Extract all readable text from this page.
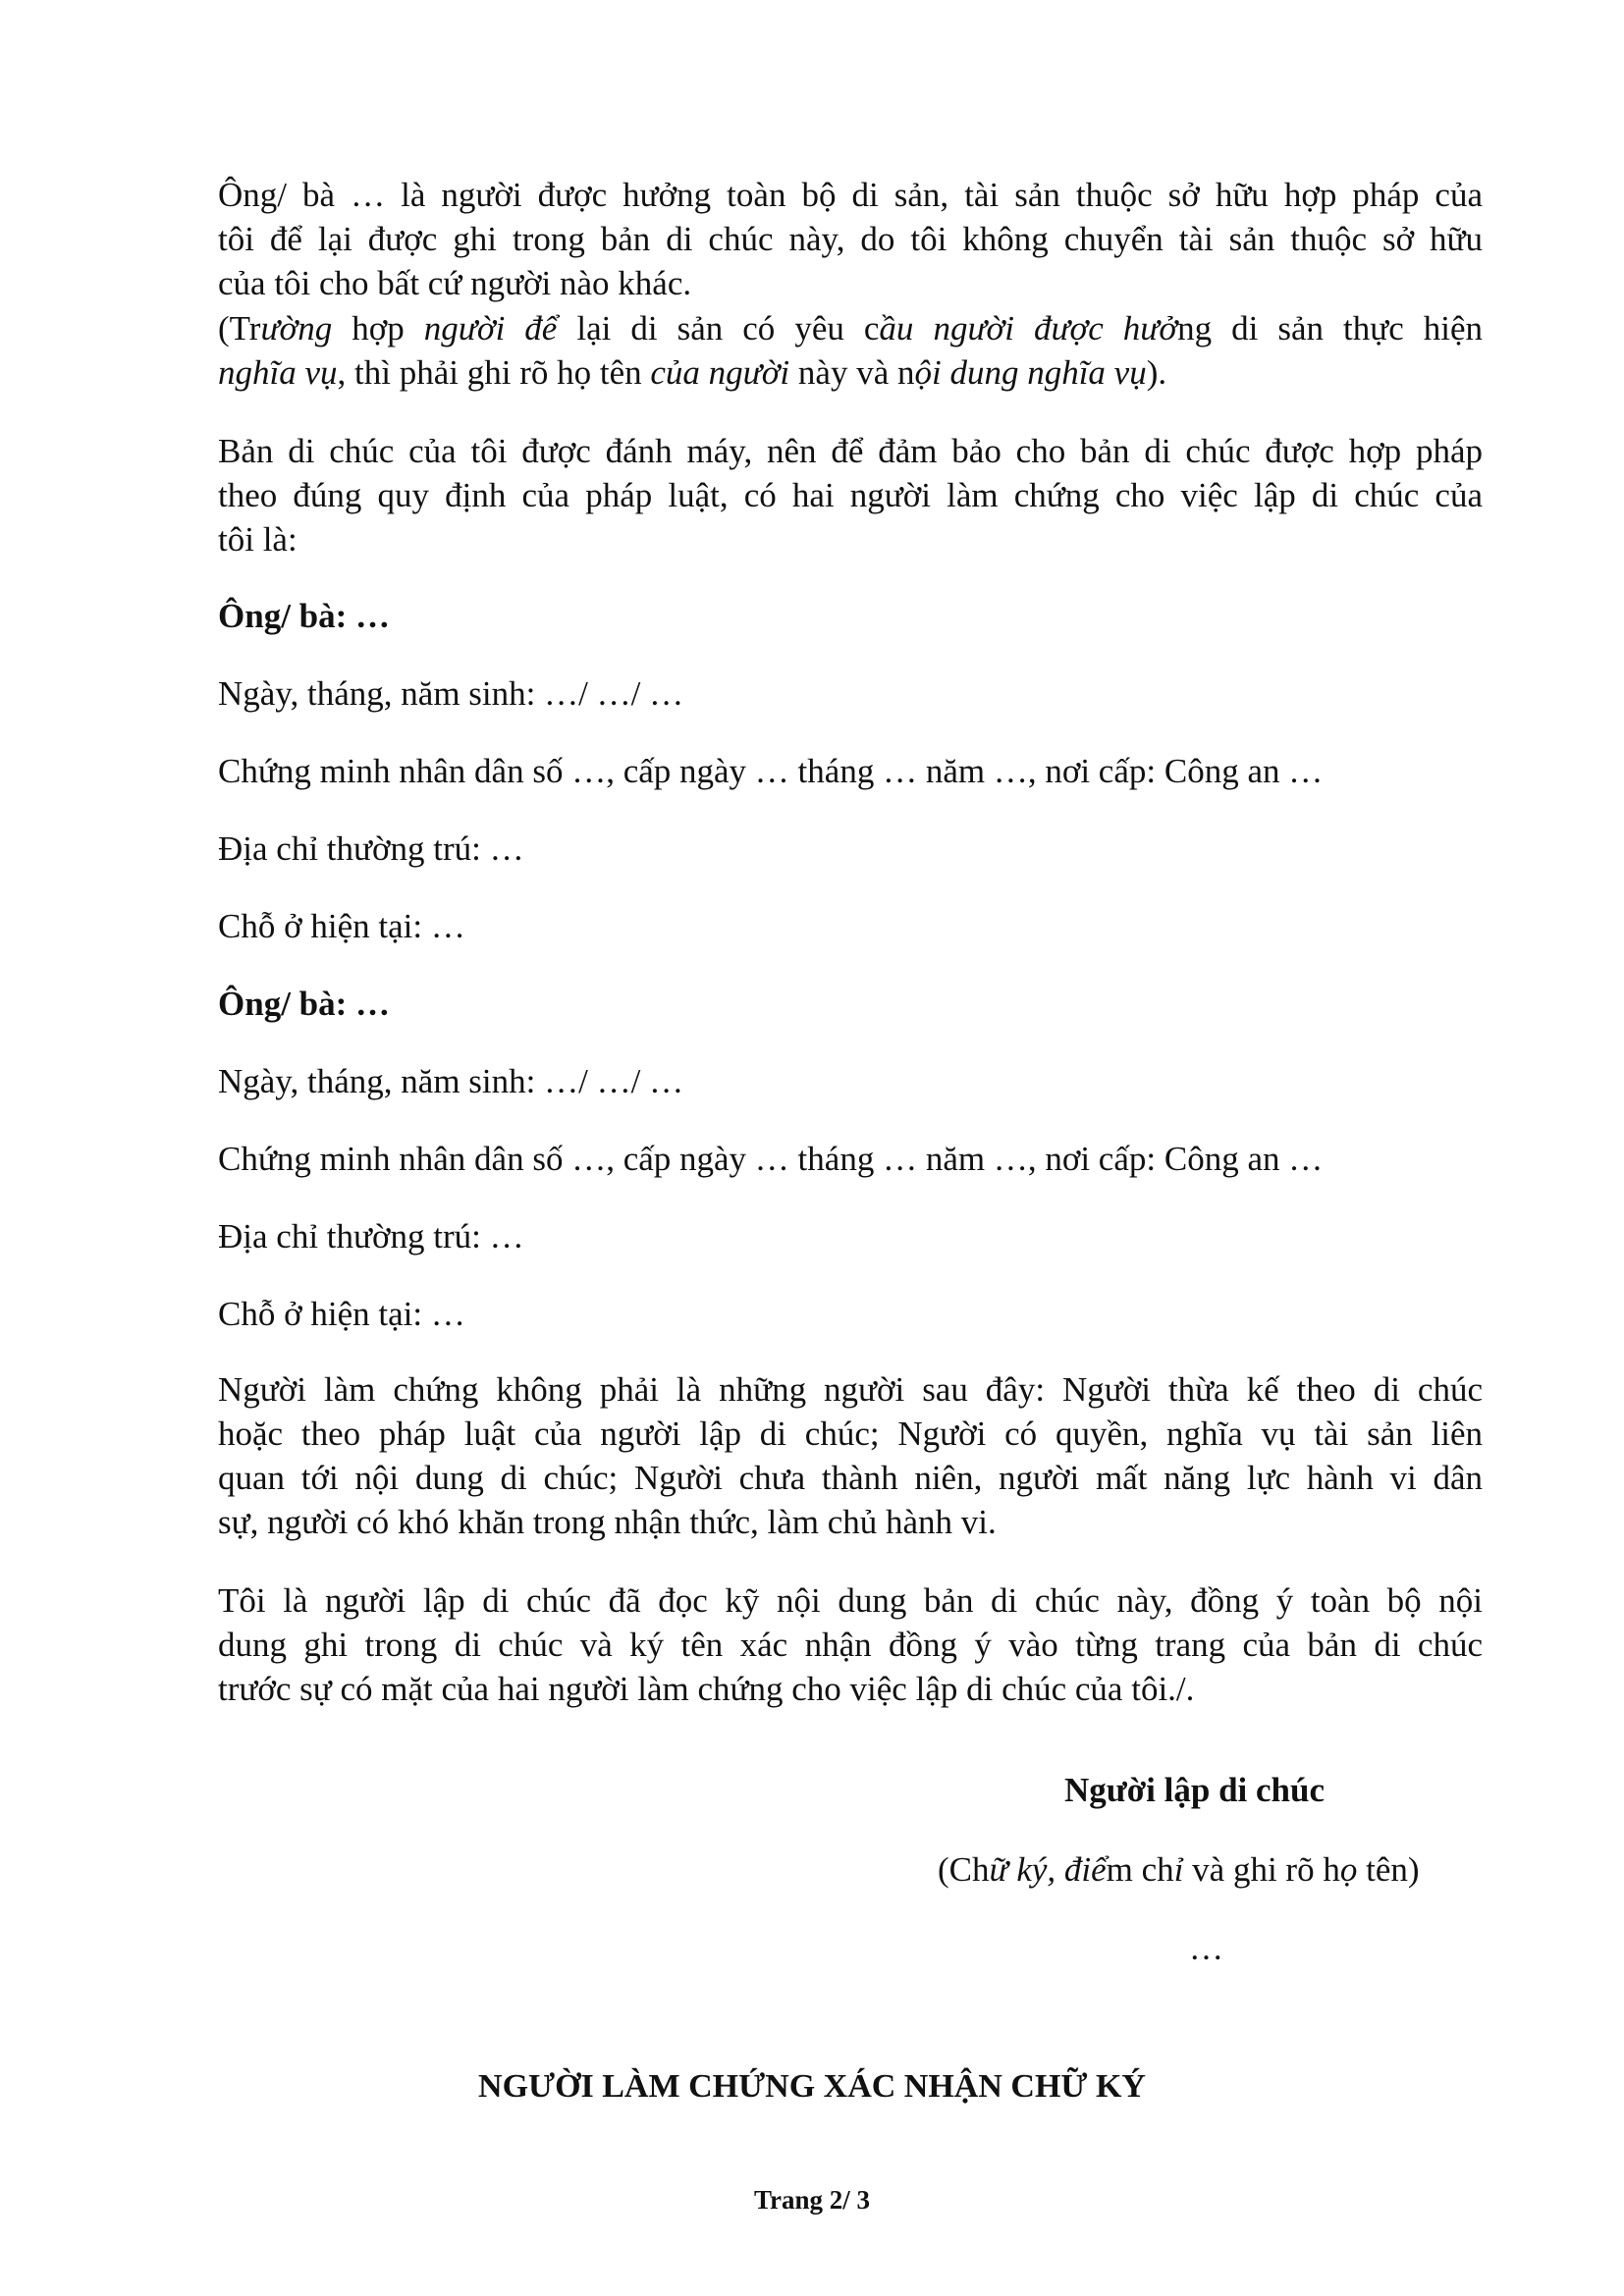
Ông/ bà … là người được hưởng toàn bộ di sản, tài sản thuộc sở hữu hợp pháp của

tôi để lại được ghi trong bản di chúc này, do tôi không chuyển tài sản thuộc sở hữu

của tôi cho bất cứ người nào khác.

(Trường hợp người để lại di sản có yêu cầu người được hưởng di sản thực hiện

nghĩa vụ, thì phải ghi rõ họ tên của người này và nội dung nghĩa vụ).

Bản di chúc của tôi được đánh máy, nên để đảm bảo cho bản di chúc được hợp pháp

theo đúng quy định của pháp luật, có hai người làm chứng cho việc lập di chúc của

tôi là:

Ông/ bà: …

Ngày, tháng, năm sinh: …/ …/ …

Chứng minh nhân dân số …, cấp ngày … tháng … năm …, nơi cấp: Công an …

Địa chỉ thường trú: …

Chỗ ở hiện tại: …

Ông/ bà: …

Ngày, tháng, năm sinh: …/ …/ …

Chứng minh nhân dân số …, cấp ngày … tháng … năm …, nơi cấp: Công an …

Địa chỉ thường trú: …

Chỗ ở hiện tại: …

Người làm chứng không phải là những người sau đây: Người thừa kế theo di chúc

hoặc theo pháp luật của người lập di chúc; Người có quyền, nghĩa vụ tài sản liên

quan tới nội dung di chúc; Người chưa thành niên, người mất năng lực hành vi dân

sự, người có khó khăn trong nhận thức, làm chủ hành vi.

Tôi là người lập di chúc đã đọc kỹ nội dung bản di chúc này, đồng ý toàn bộ nội

dung ghi trong di chúc và ký tên xác nhận đồng ý vào từng trang của bản di chúc

trước sự có mặt của hai người làm chứng cho việc lập di chúc của tôi./.

Người lập di chúc
(Chữ ký, điểm chỉ và ghi rõ họ tên)
…
NGƯỜI LÀM CHỨNG XÁC NHẬN CHỮ KÝ
Trang 2/ 3
